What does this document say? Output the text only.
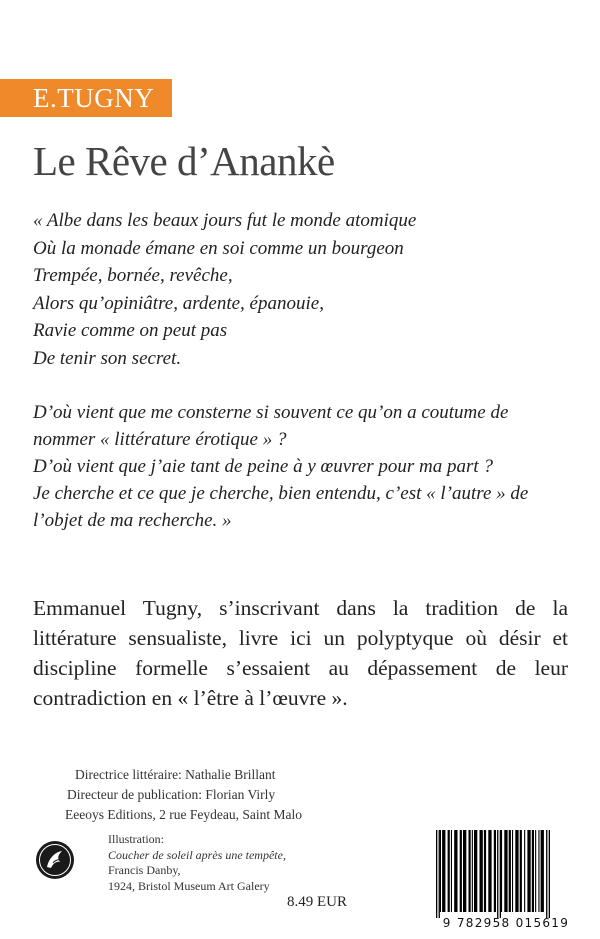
E.TUGNY
Le Rêve d’Anankè
« Albe dans les beaux jours fut le monde atomique
Où la monade émane en soi comme un bourgeon
Trempée, bornée, revêche,
Alors qu’opiniâtre, ardente, épanouie,
Ravie comme on peut pas
De tenir son secret.
D’où vient que me consterne si souvent ce qu’on a coutume de
nommer « littérature érotique » ?
D’où vient que j’aie tant de peine à y œuvrer pour ma part ?
Je cherche et ce que je cherche, bien entendu, c’est « l’autre » de
l’objet de ma recherche. »
Emmanuel Tugny, s’inscrivant dans la tradition de la
littérature sensualiste, livre ici un polyptyque où désir et
discipline formelle s’essaient au dépassement de leur
contradiction en « l’être à l’œuvre ».
Directrice littéraire: Nathalie Brillant
Directeur de publication: Florian Virly
Eeeoys Editions, 2 rue Feydeau, Saint Malo
Illustration:
Coucher de soleil après une tempête,
Francis Danby,
1924, Bristol Museum Art Galery
8.49 EUR
9 782958 015619
